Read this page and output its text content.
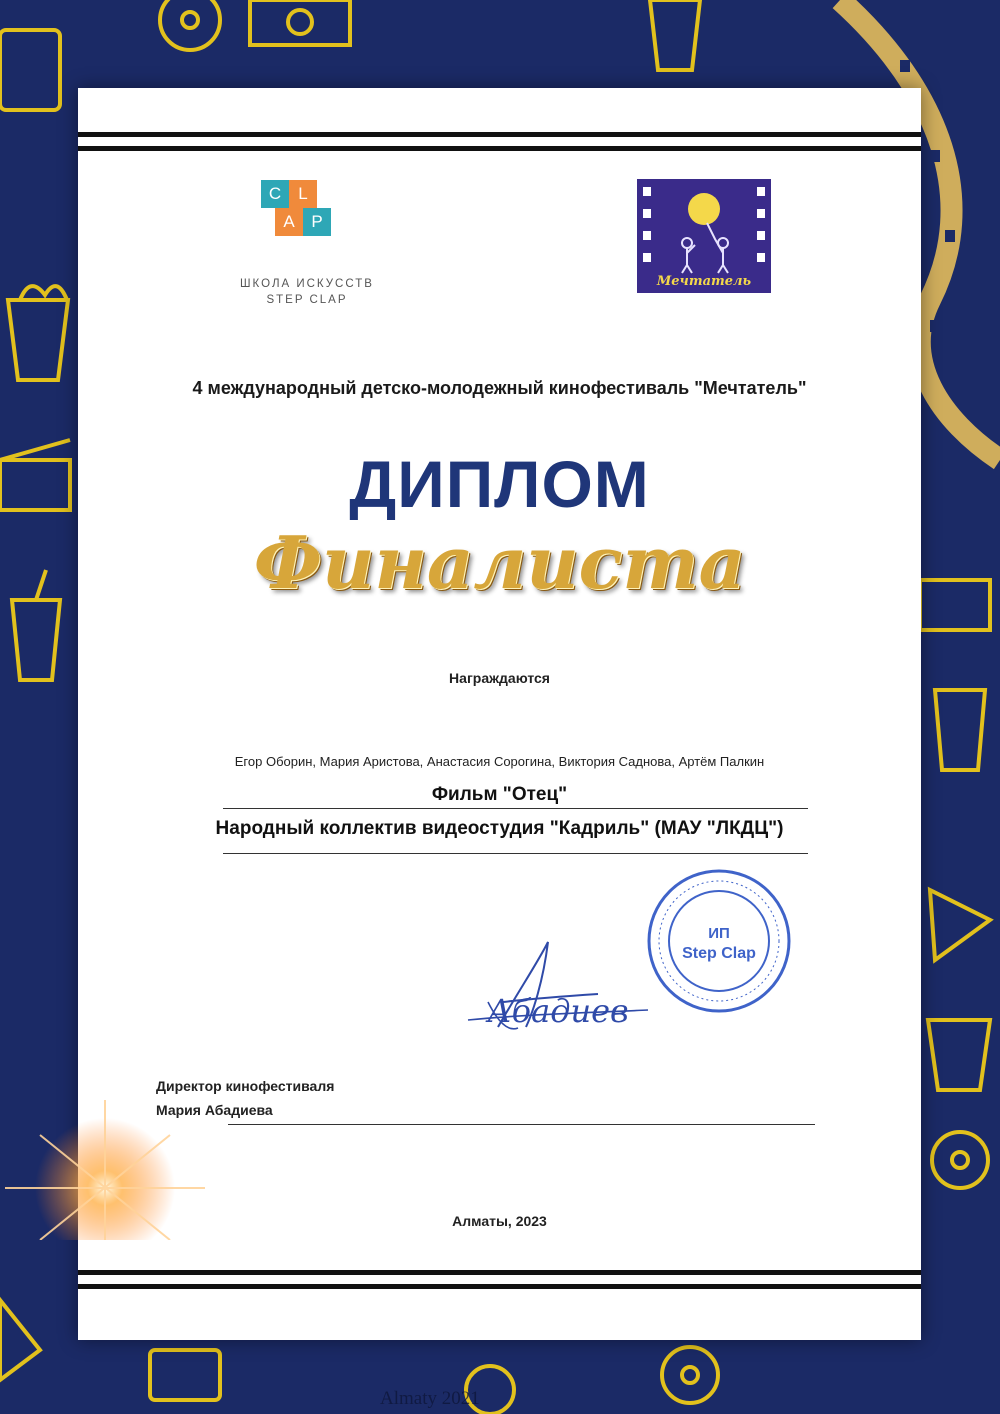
C	L
A P
ШКОЛА ИСКУССТВ
STEP CLAP
Мечтатель
4 международный детско-молодежный кинофестиваль "Мечтатель"
ДИПЛОМ
Финалиста
Награждаются
Егор Оборин, Мария Аристова, Анастасия Сорогина, Виктория Саднова, Артём Палкин
Фильм "Отец"
Народный коллектив видеостудия "Кадриль" (МАУ "ЛКДЦ")
Директор кинофестиваля
Мария Абадиева
Алматы, 2023
ИП
Step Clap
Абадиев
Almaty 2021
